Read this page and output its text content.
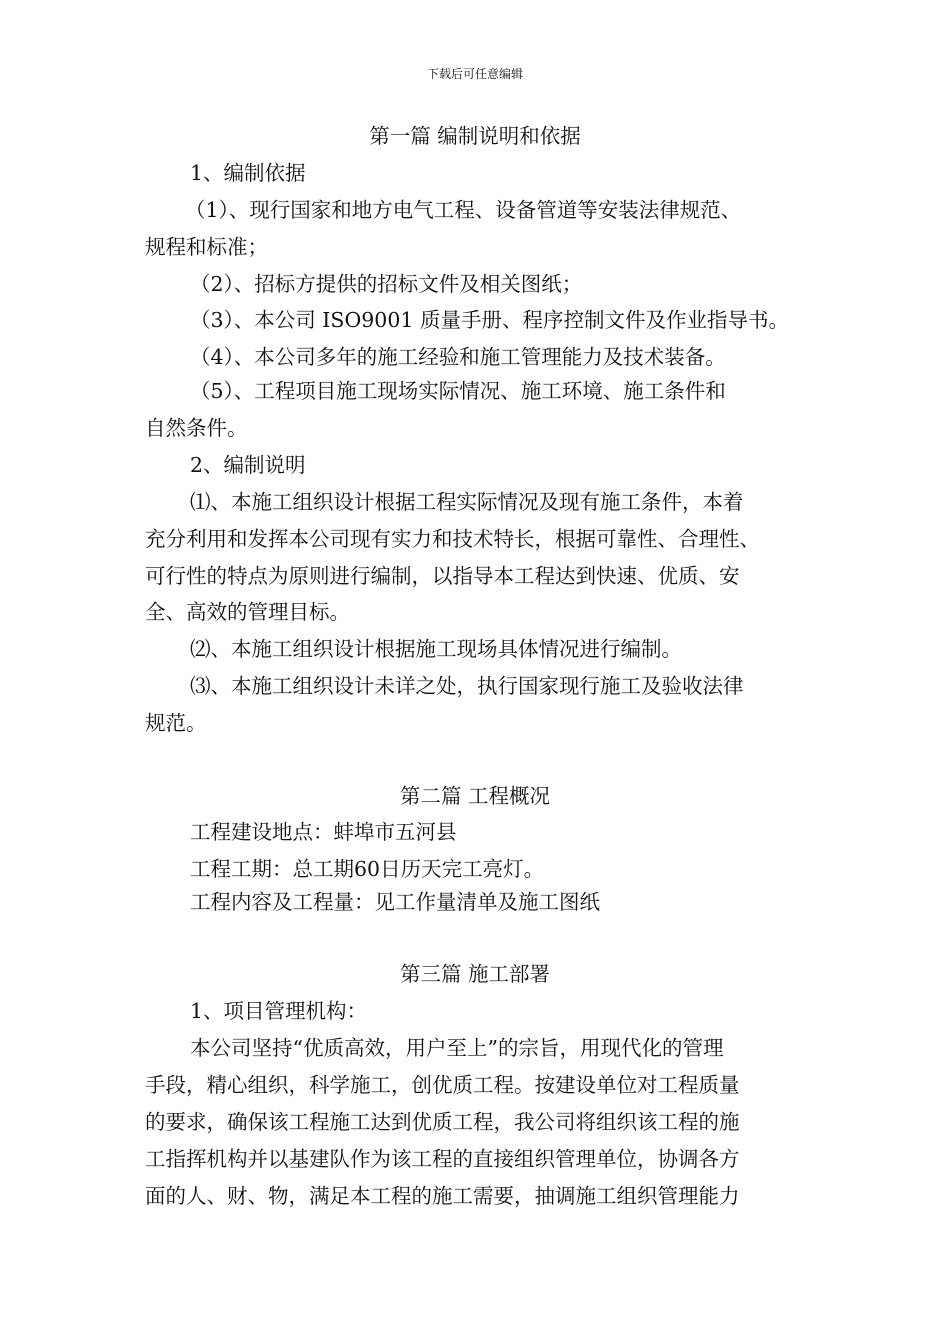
下载后可任意编辑
第一篇 编制说明和依据
1、编制依据
（1）、现行国家和地方电气工程、设备管道等安装法律规范、
规程和标准；
（2）、招标方提供的招标文件及相关图纸；
（3）、本公司 ISO9001 质量手册、程序控制文件及作业指导书。
（4）、本公司多年的施工经验和施工管理能力及技术装备。
（5）、工程项目施工现场实际情况、施工环境、施工条件和
自然条件。
2、编制说明
⑴、本施工组织设计根据工程实际情况及现有施工条件，本着
充分利用和发挥本公司现有实力和技术特长，根据可靠性、合理性、
可行性的特点为原则进行编制，以指导本工程达到快速、优质、安
全、高效的管理目标。
⑵、本施工组织设计根据施工现场具体情况进行编制。
⑶、本施工组织设计未详之处，执行国家现行施工及验收法律
规范。
第二篇 工程概况
工程建设地点：蚌埠市五河县
工程工期：总工期60日历天完工亮灯。
工程内容及工程量：见工作量清单及施工图纸
第三篇 施工部署
1、项目管理机构：
本公司坚持“优质高效，用户至上”的宗旨，用现代化的管理
手段，精心组织，科学施工，创优质工程。按建设单位对工程质量
的要求，确保该工程施工达到优质工程，我公司将组织该工程的施
工指挥机构并以基建队作为该工程的直接组织管理单位，协调各方
面的人、财、物，满足本工程的施工需要，抽调施工组织管理能力
